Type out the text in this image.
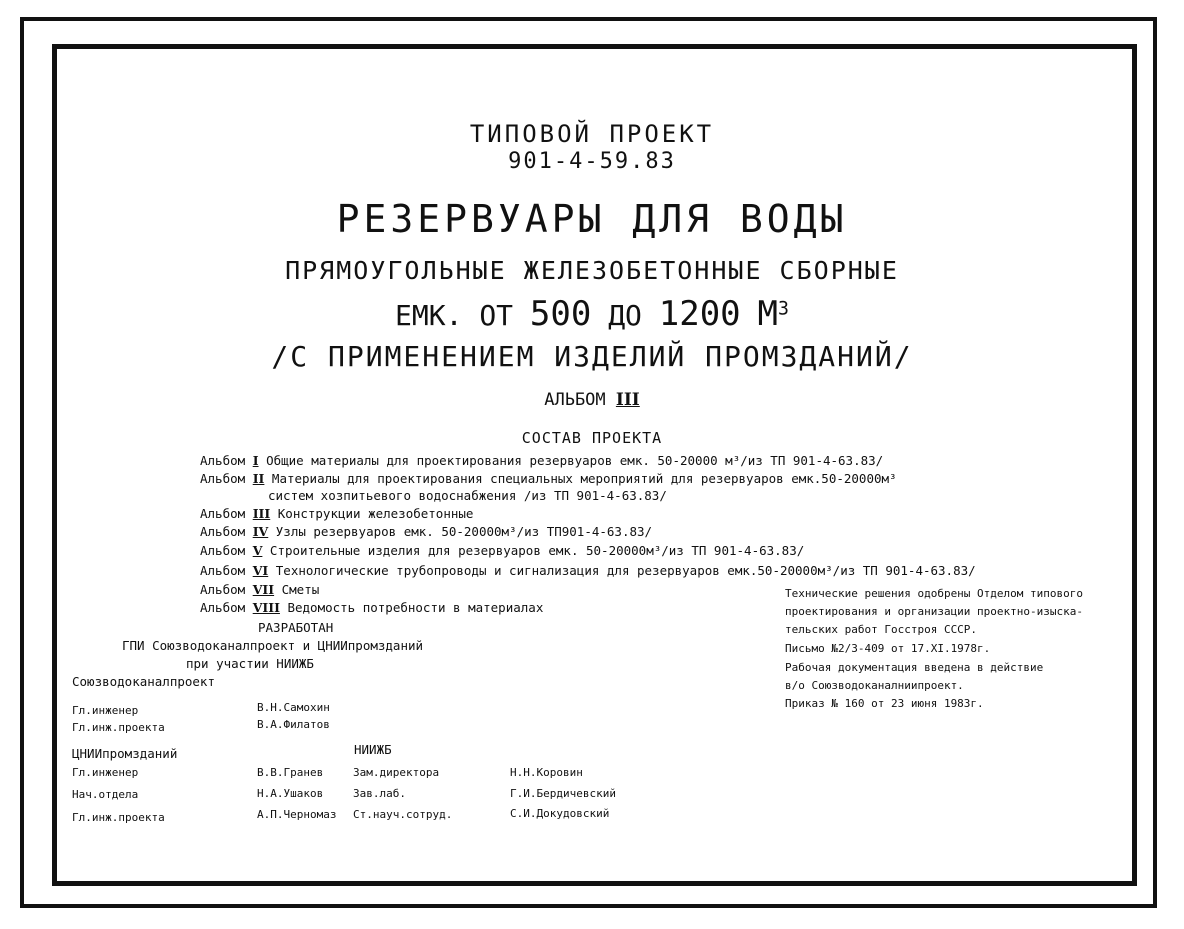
ТИПОВОЙ ПРОЕКТ
901-4-59.83
РЕЗЕРВУАРЫ ДЛЯ ВОДЫ
ПРЯМОУГОЛЬНЫЕ ЖЕЛЕЗОБЕТОННЫЕ СБОРНЫЕ
ЕМК. ОТ 500 ДО 1200 $М^3$
/С ПРИМЕНЕНИЕМ ИЗДЕЛИЙ ПРОМЗДАНИЙ/
АЛЬБОМ III
СОСТАВ ПРОЕКТА
Альбом I Общие материалы для проектирования резервуаров емк. 50-20000 м³/из ТП 901-4-63.83/
Альбом II Материалы для проектирования специальных мероприятий для резервуаров емк.50-20000м³
систем хозпитьевого водоснабжения /из ТП 901-4-63.83/
Альбом III Конструкции железобетонные
Альбом IV Узлы резервуаров емк. 50-20000м³/из ТП901-4-63.83/
Альбом V Строительные изделия для резервуаров емк. 50-20000м³/из ТП 901-4-63.83/
Альбом VI Технологические трубопроводы и сигнализация для резервуаров емк.50-20000м³/из ТП 901-4-63.83/
Альбом VII Сметы
Альбом VIII Ведомость потребности в материалах
РАЗРАБОТАН
ГПИ Союзводоканалпроект и ЦНИИпромзданий
при участии НИИЖБ
Союзводоканалпроект
Гл.инженер	В.Н.Самохин
Гл.инж.проекта	В.А.Филатов
ЦНИИпромзданий	НИИЖБ
Гл.инженер	В.В.Гранев	Зам.директора	Н.Н.Коровин
Нач.отдела	Н.А.Ушаков	Зав.лаб.	Г.И.Бердичевский
Гл.инж.проекта	А.П.Черномаз Ст.науч.сотруд.	С.И.Докудовский
Технические решения одобрены Отделом типового
проектирования и организации проектно-изыска-
тельских работ Госстроя СССР.
Письмо №2/3-409 от 17.XI.1978г.
Рабочая документация введена в действие
в/о Союзводоканалниипроект.
Приказ № 160 от 23 июня 1983г.
